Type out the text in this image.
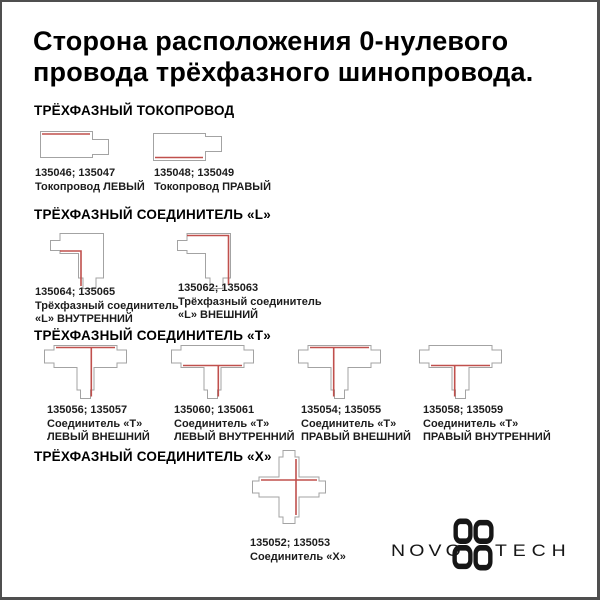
Сторона расположения 0-нулевого
провода трёхфазного шинопровода.
ТРЁХФАЗНЫЙ ТОКОПРОВОД
135046; 135047
Токопровод ЛЕВЫЙ
135048; 135049
Токопровод ПРАВЫЙ
ТРЁХФАЗНЫЙ СОЕДИНИТЕЛЬ «L»
135064; 135065
Трёхфазный соединитель
«L» ВНУТРЕННИЙ
135062; 135063
Трёхфазный соединитель
«L» ВНЕШНИЙ
ТРЁХФАЗНЫЙ СОЕДИНИТЕЛЬ «Т»
135056; 135057
Соединитель «Т»
ЛЕВЫЙ ВНЕШНИЙ
135060; 135061
Соединитель «Т»
ЛЕВЫЙ ВНУТРЕННИЙ
135054; 135055
Соединитель «Т»
ПРАВЫЙ ВНЕШНИЙ
135058; 135059
Соединитель «Т»
ПРАВЫЙ ВНУТРЕННИЙ
ТРЁХФАЗНЫЙ СОЕДИНИТЕЛЬ «Х»
135052; 135053
Соединитель «Х»	NOVO TECH
